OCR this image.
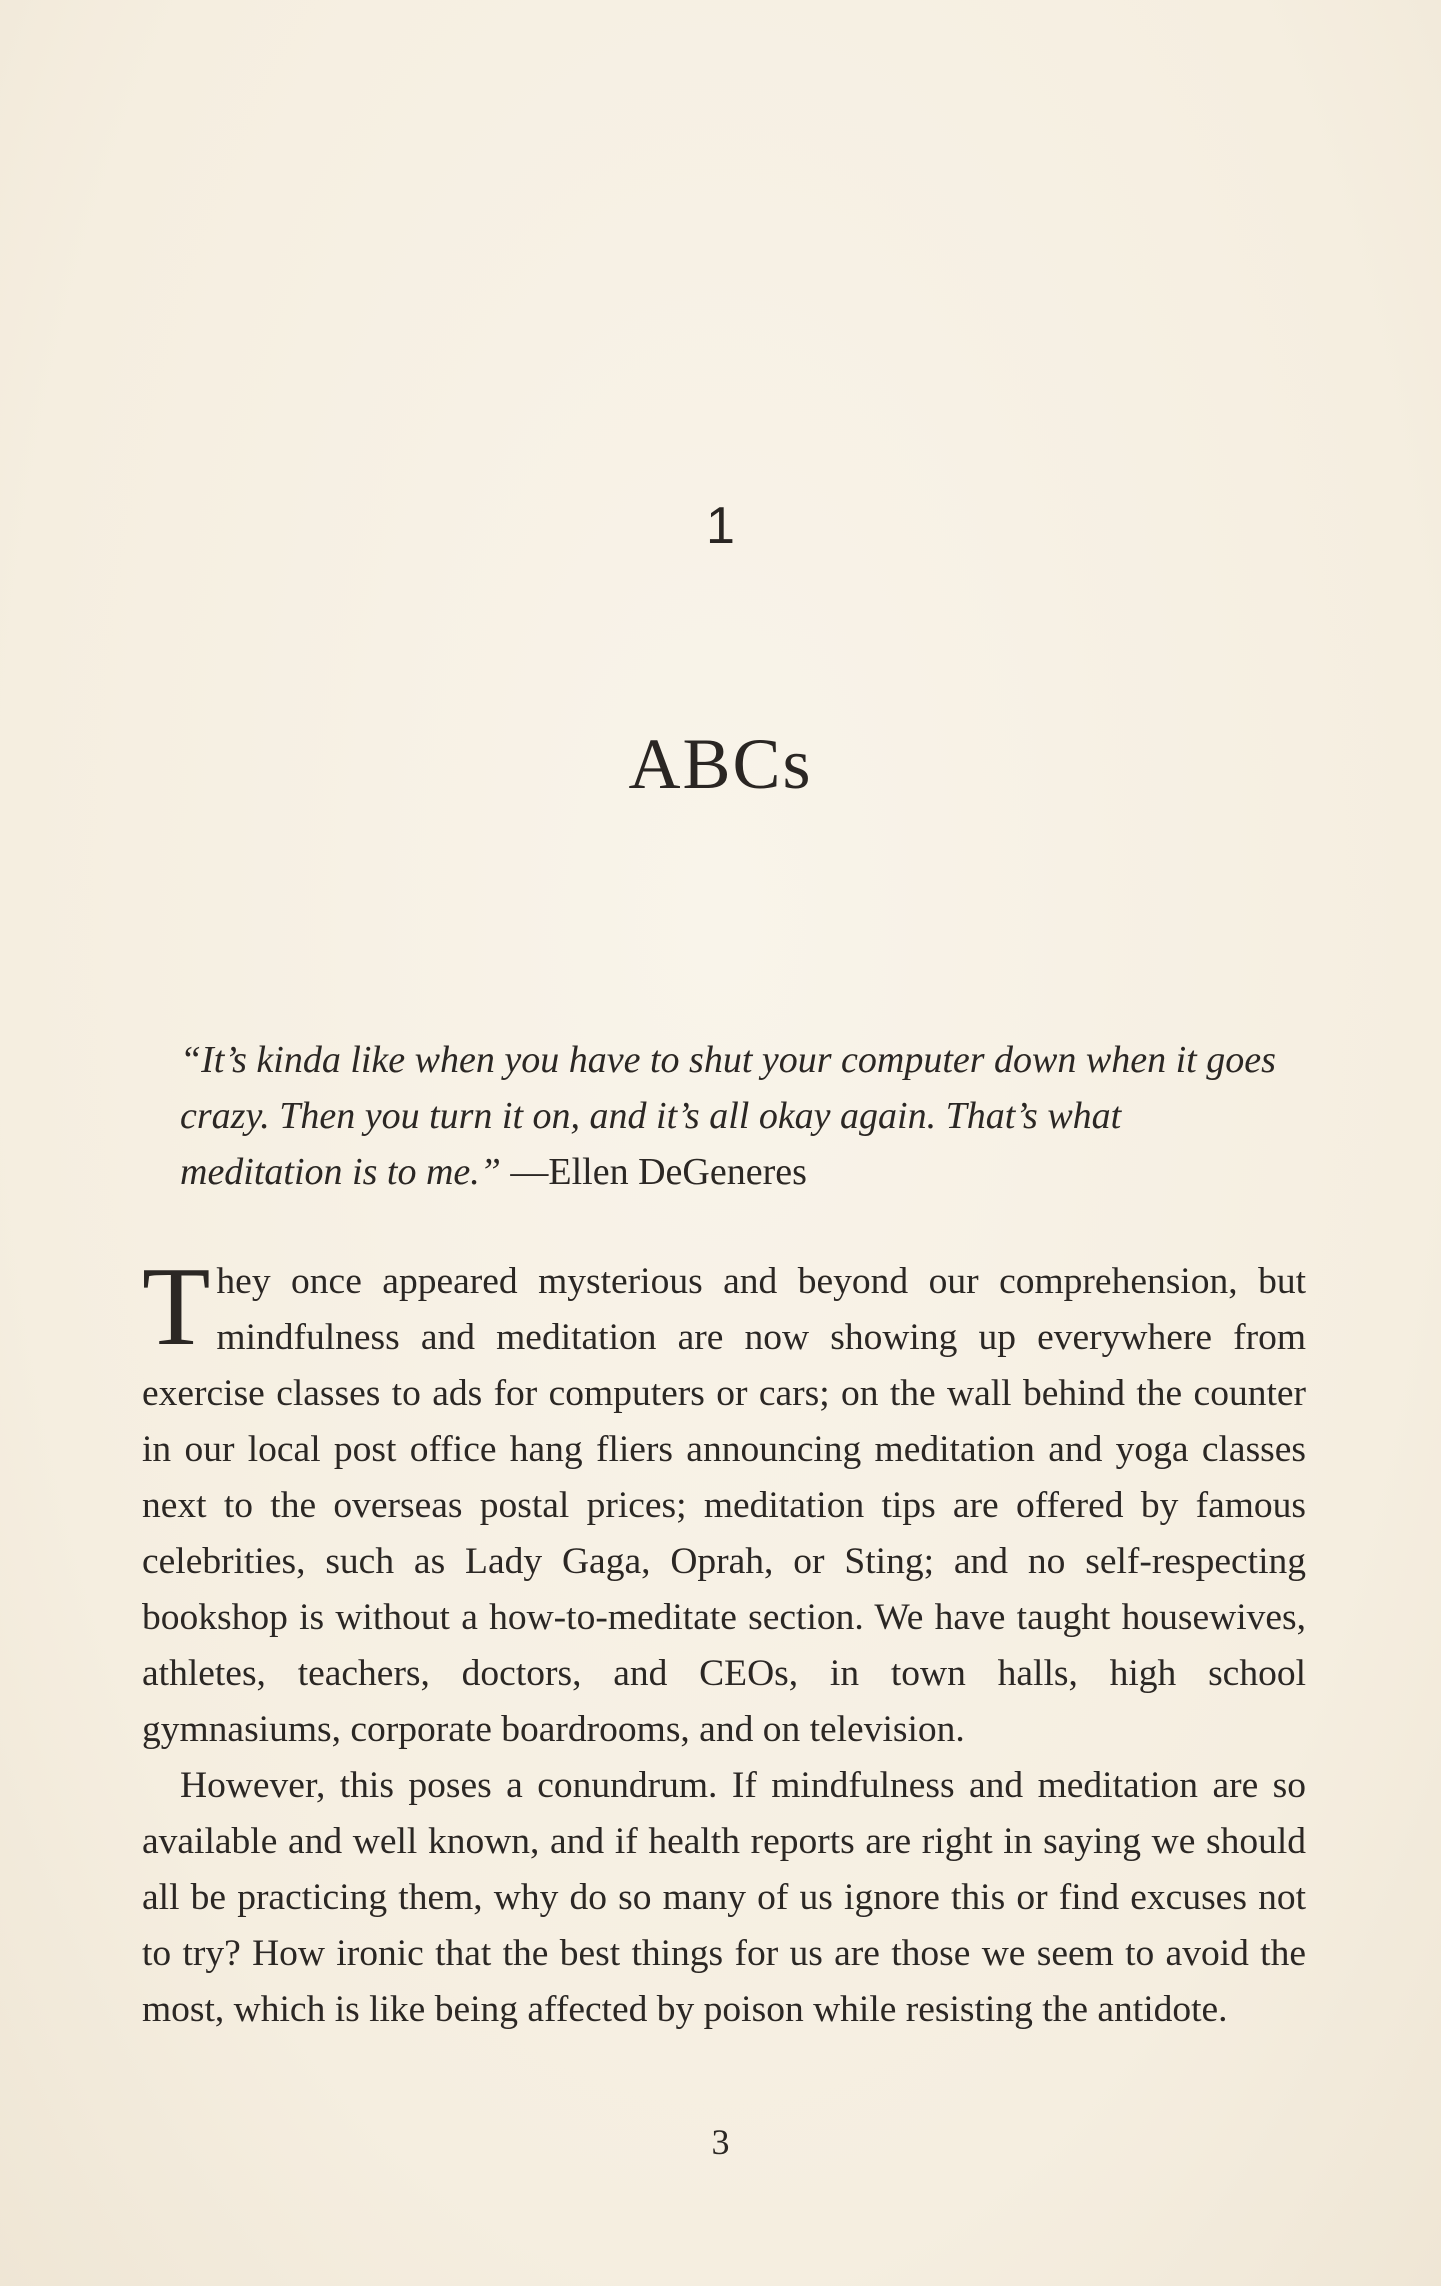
1
ABCs
“It’s kinda like when you have to shut your computer down when it goes crazy. Then you turn it on, and it’s all okay again. That’s what meditation is to me.” —Ellen DeGeneres

They once appeared mysterious and beyond our comprehension, but mindfulness and meditation are now showing up everywhere from exercise classes to ads for computers or cars; on the wall behind the counter in our local post office hang fliers announcing meditation and yoga classes next to the overseas postal prices; meditation tips are offered by famous celebrities, such as Lady Gaga, Oprah, or Sting; and no self-respecting bookshop is without a how-to-meditate section. We have taught housewives, athletes, teachers, doctors, and CEOs, in town halls, high school gymnasiums, corporate boardrooms, and on television.

However, this poses a conundrum. If mindfulness and meditation are so available and well known, and if health reports are right in saying we should all be practicing them, why do so many of us ignore this or find excuses not to try? How ironic that the best things for us are those we seem to avoid the most, which is like being affected by poison while resisting the antidote.

3
